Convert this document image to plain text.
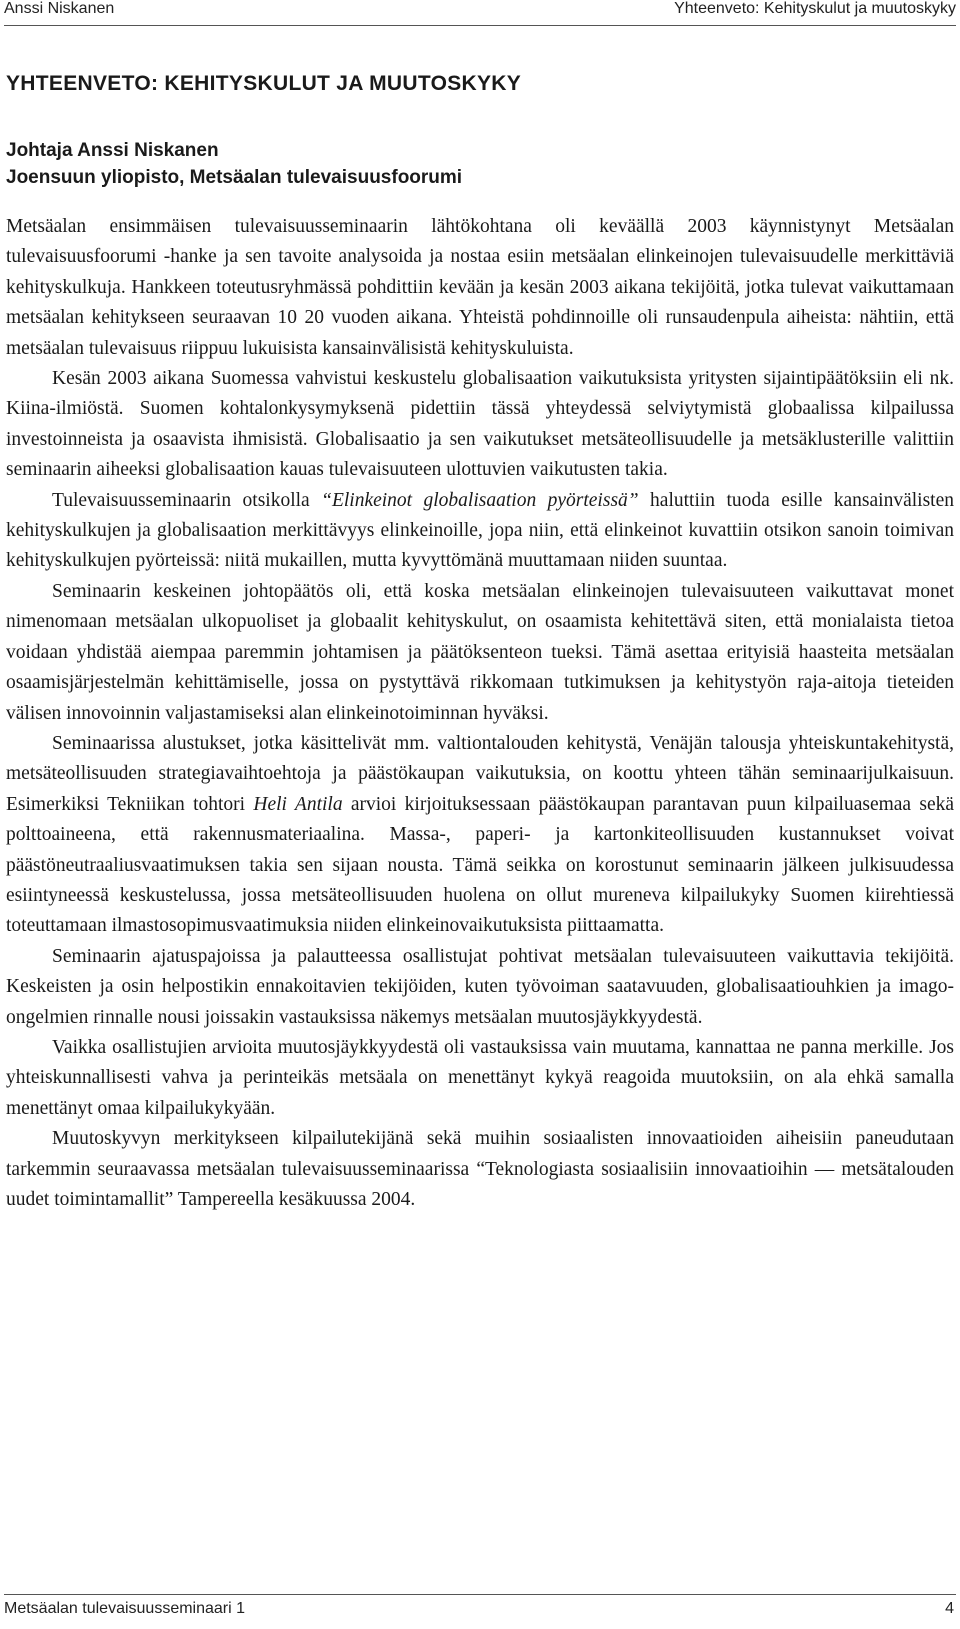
Anssi Niskanen	Yhteenveto: Kehityskulut ja muutoskyky
YHTEENVETO: KEHITYSKULUT JA MUUTOSKYKY
Johtaja Anssi Niskanen
Joensuun yliopisto, Metsäalan tulevaisuusfoorumi

Metsäalan ensimmäisen tulevaisuusseminaarin lähtökohtana oli keväällä 2003 käynnistynyt Metsäalan tulevaisuusfoorumi -hanke ja sen tavoite analysoida ja nostaa esiin metsäalan elinkeinojen tulevaisuudelle merkittäviä kehityskulkuja. Hankkeen toteutusryhmässä pohdittiin kevään ja kesän 2003 aikana tekijöitä, jotka tulevat vaikuttamaan metsäalan kehitykseen seuraavan 10 20 vuoden aikana. Yhteistä pohdinnoille oli runsaudenpula aiheista: nähtiin, että metsäalan tulevaisuus riippuu lukuisista kansainvälisistä kehityskuluista.

Kesän 2003 aikana Suomessa vahvistui keskustelu globalisaation vaikutuksista yritysten sijaintipäätöksiin eli nk. Kiina-ilmiöstä. Suomen kohtalonkysymyksenä pidettiin tässä yhteydessä selviytymistä globaalissa kilpailussa investoinneista ja osaavista ihmisistä. Globalisaatio ja sen vaikutukset metsäteollisuudelle ja metsäklusterille valittiin seminaarin aiheeksi globalisaation kauas tulevaisuuteen ulottuvien vaikutusten takia.

Tulevaisuusseminaarin otsikolla “Elinkeinot globalisaation pyörteissä” haluttiin tuoda esille kansainvälisten kehityskulkujen ja globalisaation merkittävyys elinkeinoille, jopa niin, että elinkeinot kuvattiin otsikon sanoin toimivan kehityskulkujen pyörteissä: niitä mukaillen, mutta kyvyttömänä muuttamaan niiden suuntaa.

Seminaarin keskeinen johtopäätös oli, että koska metsäalan elinkeinojen tulevaisuuteen vaikuttavat monet nimenomaan metsäalan ulkopuoliset ja globaalit kehityskulut, on osaamista kehitettävä siten, että monialaista tietoa voidaan yhdistää aiempaa paremmin johtamisen ja päätöksenteon tueksi. Tämä asettaa erityisiä haasteita metsäalan osaamisjärjestelmän kehittämiselle, jossa on pystyttävä rikkomaan tutkimuksen ja kehitystyön raja-aitoja tieteiden välisen innovoinnin valjastamiseksi alan elinkeinotoiminnan hyväksi.

Seminaarissa alustukset, jotka käsittelivät mm. valtiontalouden kehitystä, Venäjän talousja yhteiskuntakehitystä, metsäteollisuuden strategiavaihtoehtoja ja päästökaupan vaikutuksia, on koottu yhteen tähän seminaarijulkaisuun. Esimerkiksi Tekniikan tohtori Heli Antila arvioi kirjoituksessaan päästökaupan parantavan puun kilpailuasemaa sekä polttoaineena, että rakennusmateriaalina. Massa-, paperi- ja kartonkiteollisuuden kustannukset voivat päästöneutraaliusvaatimuksen takia sen sijaan nousta. Tämä seikka on korostunut seminaarin jälkeen julkisuudessa esiintyneessä keskustelussa, jossa metsäteollisuuden huolena on ollut mureneva kilpailukyky Suomen kiirehtiessä toteuttamaan ilmastosopimusvaatimuksia niiden elinkeinovaikutuksista piittaamatta.

Seminaarin ajatuspajoissa ja palautteessa osallistujat pohtivat metsäalan tulevaisuuteen vaikuttavia tekijöitä. Keskeisten ja osin helpostikin ennakoitavien tekijöiden, kuten työvoiman saatavuuden, globalisaatiouhkien ja imago-ongelmien rinnalle nousi joissakin vastauksissa näkemys metsäalan muutosjäykkyydestä.

Vaikka osallistujien arvioita muutosjäykkyydestä oli vastauksissa vain muutama, kannattaa ne panna merkille. Jos yhteiskunnallisesti vahva ja perinteikäs metsäala on menettänyt kykyä reagoida muutoksiin, on ala ehkä samalla menettänyt omaa kilpailukykyään.

Muutoskyvyn merkitykseen kilpailutekijänä sekä muihin sosiaalisten innovaatioiden aiheisiin paneudutaan tarkemmin seuraavassa metsäalan tulevaisuusseminaarissa “Teknologiasta sosiaalisiin innovaatioihin — metsätalouden uudet toimintamallit” Tampereella kesäkuussa 2004.

Metsäalan tulevaisuusseminaari 1	4
